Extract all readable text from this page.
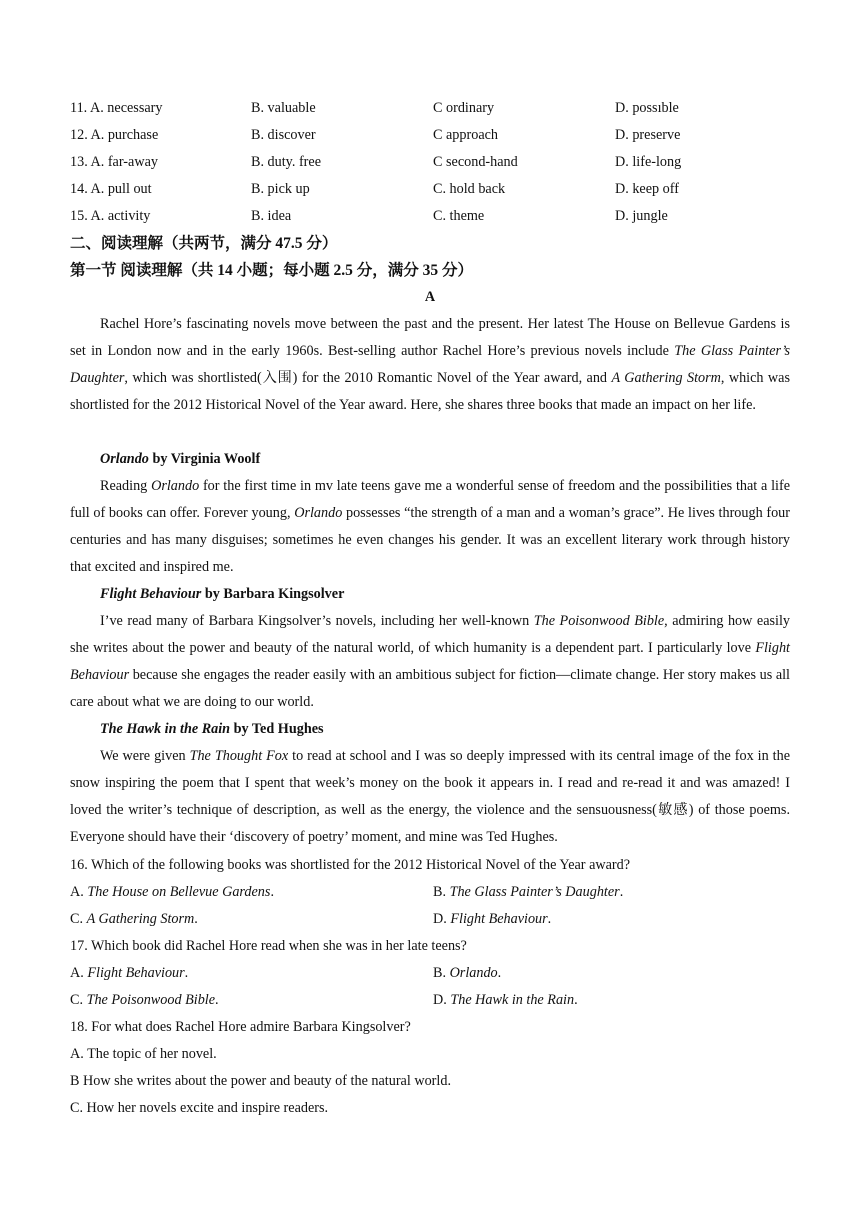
11. A. necessary	B. valuable	C ordinary	D. possıble
12. A. purchase	B. discover	C approach	D. preserve
13. A. far-away	B. duty. free	C second-hand	D. life-long
14. A. pull out	B. pick up	C. hold back	D. keep off
15. A. activity	B. idea	C. theme	D. jungle
二、阅读理解（共两节，满分 47.5 分）
第一节 阅读理解（共 14 小题；每小题 2.5 分，满分 35 分）
A

Rachel Hore’s fascinating novels move between the past and the present. Her latest The House on Bellevue Gardens is set in London now and in the early 1960s. Best-selling author Rachel Hore’s previous novels include The Glass Painter’s Daughter, which was shortlisted(入围) for the 2010 Romantic Novel of the Year award, and A Gathering Storm, which was shortlisted for the 2012 Historical Novel of the Year award. Here, she shares three books that made an impact on her life.

Orlando by Virginia Woolf

Reading Orlando for the first time in mv late teens gave me a wonderful sense of freedom and the possibilities that a life full of books can offer. Forever young, Orlando possesses “the strength of a man and a woman’s grace”. He lives through four centuries and has many disguises; sometimes he even changes his gender. It was an excellent literary work through history that excited and inspired me.

Flight Behaviour by Barbara Kingsolver

I’ve read many of Barbara Kingsolver’s novels, including her well-known The Poisonwood Bible, admiring how easily she writes about the power and beauty of the natural world, of which humanity is a dependent part. I particularly love Flight Behaviour because she engages the reader easily with an ambitious subject for fiction—climate change. Her story makes us all care about what we are doing to our world.

The Hawk in the Rain by Ted Hughes

We were given The Thought Fox to read at school and I was so deeply impressed with its central image of the fox in the snow inspiring the poem that I spent that week’s money on the book it appears in. I read and re-read it and was amazed! I loved the writer’s technique of description, as well as the energy, the violence and the sensuousness(敏感) of those poems. Everyone should have their ‘discovery of poetry’ moment, and mine was Ted Hughes.

16. Which of the following books was shortlisted for the 2012 Historical Novel of the Year award?
A. The House on Bellevue Gardens.	B. The Glass Painter’s Daughter.
C. A Gathering Storm.	D. Flight Behaviour.
17. Which book did Rachel Hore read when she was in her late teens?
A. Flight Behaviour.	B. Orlando.
C. The Poisonwood Bible.	D. The Hawk in the Rain.
18. For what does Rachel Hore admire Barbara Kingsolver?
A. The topic of her novel.
B How she writes about the power and beauty of the natural world.
C. How her novels excite and inspire readers.
